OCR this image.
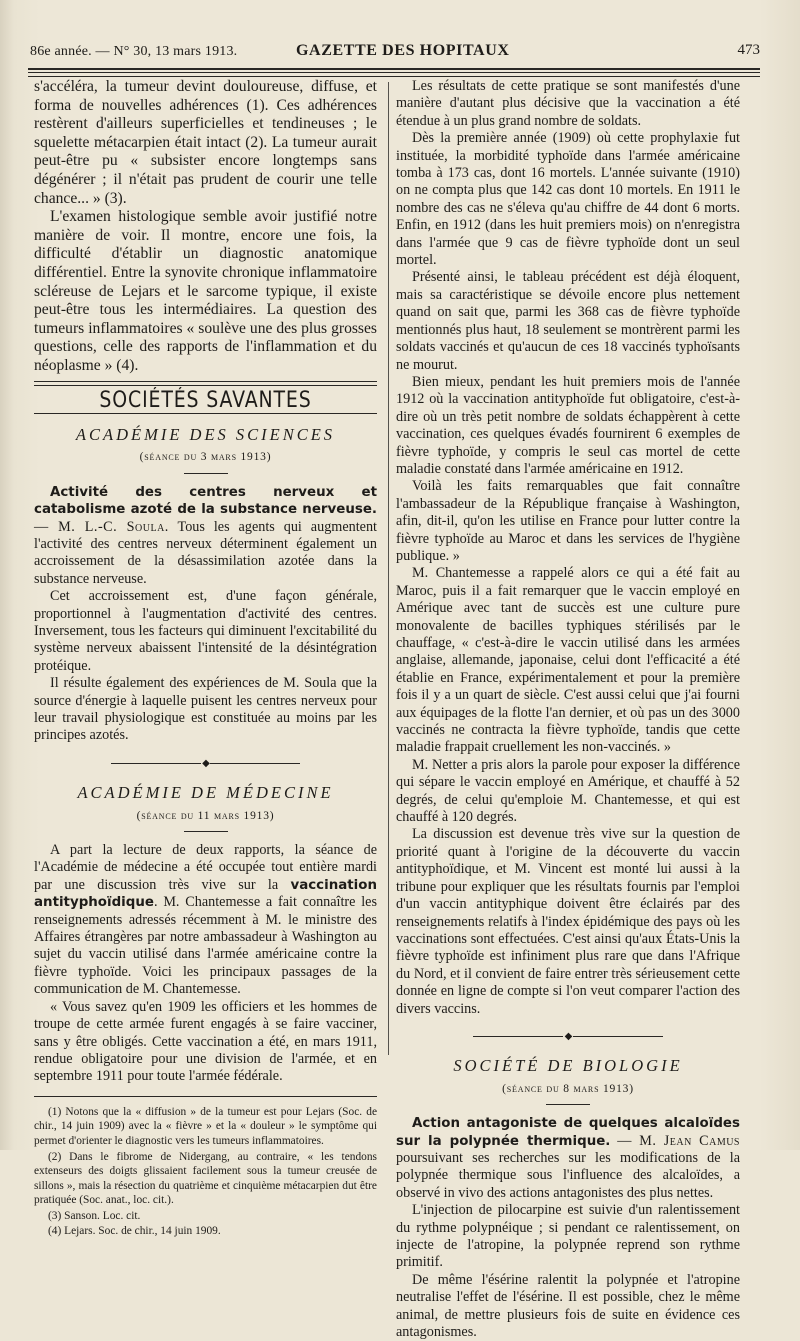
86e année. — N° 30, 13 mars 1913.	GAZETTE DES HOPITAUX	473

s'accéléra, la tumeur devint douloureuse, diffuse, et forma de nouvelles adhérences (1). Ces adhérences restèrent d'ailleurs superficielles et tendineuses ; le squelette métacarpien était intact (2). La tumeur aurait peut-être pu « subsister encore longtemps sans dégénérer ; il n'était pas prudent de courir une telle chance... » (3).

L'examen histologique semble avoir justifié notre manière de voir. Il montre, encore une fois, la difficulté d'établir un diagnostic anatomique différentiel. Entre la synovite chronique inflammatoire scléreuse de Lejars et le sarcome typique, il existe peut-être tous les intermédiaires. La question des tumeurs inflammatoires « soulève une des plus grosses questions, celle des rapports de l'inflammation et du néoplasme » (4).

SOCIÉTÉS SAVANTES
ACADÉMIE DES SCIENCES
(séance du 3 mars 1913)

Activité des centres nerveux et catabolisme azoté de la substance nerveuse. — M. L.-C. Soula. Tous les agents qui augmentent l'activité des centres nerveux déterminent également un accroissement de la désassimilation azotée dans la substance nerveuse.

Cet accroissement est, d'une façon générale, proportionnel à l'augmentation d'activité des centres. Inversement, tous les facteurs qui diminuent l'excitabilité du système nerveux abaissent l'intensité de la désintégration protéique.

Il résulte également des expériences de M. Soula que la source d'énergie à laquelle puisent les centres nerveux pour leur travail physiologique est constituée au moins par les principes azotés.

◆
ACADÉMIE DE MÉDECINE
(séance du 11 mars 1913)

A part la lecture de deux rapports, la séance de l'Académie de médecine a été occupée tout entière mardi par une discussion très vive sur la vaccination antityphoïdique. M. Chantemesse a fait connaître les renseignements adressés récemment à M. le ministre des Affaires étrangères par notre ambassadeur à Washington au sujet du vaccin utilisé dans l'armée américaine contre la fièvre typhoïde. Voici les principaux passages de la communication de M. Chantemesse.

« Vous savez qu'en 1909 les officiers et les hommes de troupe de cette armée furent engagés à se faire vacciner, sans y être obligés. Cette vaccination a été, en mars 1911, rendue obligatoire pour une division de l'armée, et en septembre 1911 pour toute l'armée fédérale.

(1) Notons que la « diffusion » de la tumeur est pour Lejars (Soc. de chir., 14 juin 1909) avec la « fièvre » et la « douleur » le symptôme qui permet d'orienter le diagnostic vers les tumeurs inflammatoires.

(2) Dans le fibrome de Nidergang, au contraire, « les tendons extenseurs des doigts glissaient facilement sous la tumeur creusée de sillons », mais la résection du quatrième et cinquième métacarpien dut être pratiquée (Soc. anat., loc. cit.).

(3) Sanson. Loc. cit.

(4) Lejars. Soc. de chir., 14 juin 1909.

Les résultats de cette pratique se sont manifestés d'une manière d'autant plus décisive que la vaccination a été étendue à un plus grand nombre de soldats.

Dès la première année (1909) où cette prophylaxie fut instituée, la morbidité typhoïde dans l'armée américaine tomba à 173 cas, dont 16 mortels. L'année suivante (1910) on ne compta plus que 142 cas dont 10 mortels. En 1911 le nombre des cas ne s'éleva qu'au chiffre de 44 dont 6 morts. Enfin, en 1912 (dans les huit premiers mois) on n'enregistra dans l'armée que 9 cas de fièvre typhoïde dont un seul mortel.

Présenté ainsi, le tableau précédent est déjà éloquent, mais sa caractéristique se dévoile encore plus nettement quand on sait que, parmi les 368 cas de fièvre typhoïde mentionnés plus haut, 18 seulement se montrèrent parmi les soldats vaccinés et qu'aucun de ces 18 vaccinés typhoïsants ne mourut.

Bien mieux, pendant les huit premiers mois de l'année 1912 où la vaccination antityphoïde fut obligatoire, c'est-à-dire où un très petit nombre de soldats échappèrent à cette vaccination, ces quelques évadés fournirent 6 exemples de fièvre typhoïde, y compris le seul cas mortel de cette maladie constaté dans l'armée américaine en 1912.

Voilà les faits remarquables que fait connaître l'ambassadeur de la République française à Washington, afin, dit-il, qu'on les utilise en France pour lutter contre la fièvre typhoïde au Maroc et dans les services de l'hygiène publique. »

M. Chantemesse a rappelé alors ce qui a été fait au Maroc, puis il a fait remarquer que le vaccin employé en Amérique avec tant de succès est une culture pure monovalente de bacilles typhiques stérilisés par le chauffage, « c'est-à-dire le vaccin utilisé dans les armées anglaise, allemande, japonaise, celui dont l'efficacité a été établie en France, expérimentalement et pour la première fois il y a un quart de siècle. C'est aussi celui que j'ai fourni aux équipages de la flotte l'an dernier, et où pas un des 3000 vaccinés ne contracta la fièvre typhoïde, tandis que cette maladie frappait cruellement les non-vaccinés. »

M. Netter a pris alors la parole pour exposer la différence qui sépare le vaccin employé en Amérique, et chauffé à 52 degrés, de celui qu'emploie M. Chantemesse, et qui est chauffé à 120 degrés.

La discussion est devenue très vive sur la question de priorité quant à l'origine de la découverte du vaccin antityphoïdique, et M. Vincent est monté lui aussi à la tribune pour expliquer que les résultats fournis par l'emploi d'un vaccin antityphique doivent être éclairés par des renseignements relatifs à l'index épidémique des pays où les vaccinations sont effectuées. C'est ainsi qu'aux États-Unis la fièvre typhoïde est infiniment plus rare que dans l'Afrique du Nord, et il convient de faire entrer très sérieusement cette donnée en ligne de compte si l'on veut comparer l'action des divers vaccins.

◆
SOCIÉTÉ DE BIOLOGIE
(séance du 8 mars 1913)

Action antagoniste de quelques alcaloïdes sur la polypnée thermique. — M. Jean Camus poursuivant ses recherches sur les modifications de la polypnée thermique sous l'influence des alcaloïdes, a observé in vivo des actions antagonistes des plus nettes.

L'injection de pilocarpine est suivie d'un ralentissement du rythme polypnéique ; si pendant ce ralentissement, on injecte de l'atropine, la polypnée reprend son rythme primitif.

De même l'ésérine ralentit la polypnée et l'atropine neutralise l'effet de l'ésérine. Il est possible, chez le même animal, de mettre plusieurs fois de suite en évidence ces antagonismes.
